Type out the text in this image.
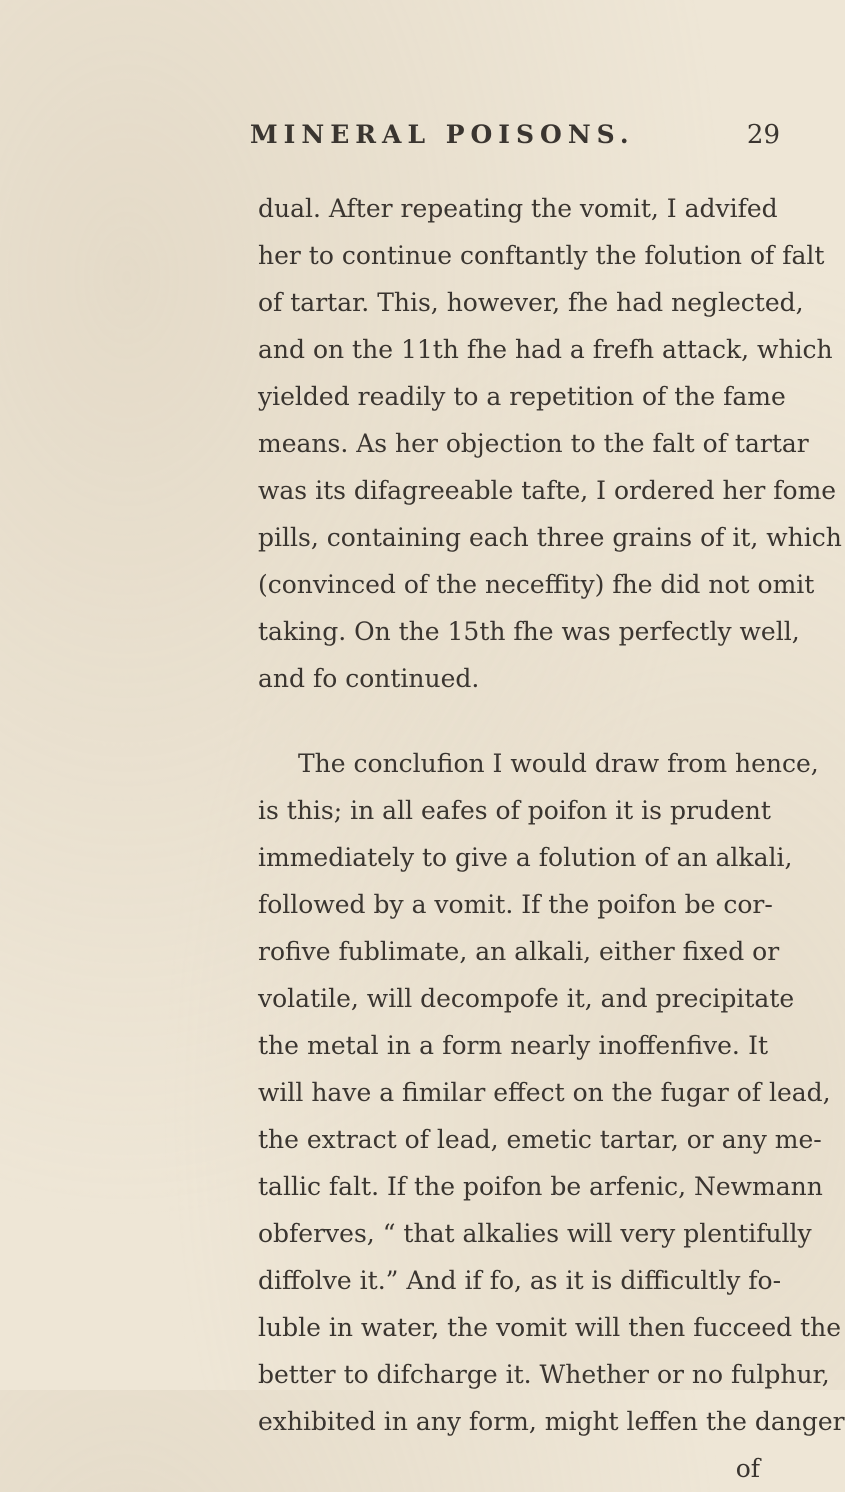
MINERAL POISONS.	29
dual. After repeating the vomit, I advifed
her to continue conftantly the folution of falt
of tartar. This, however, fhe had neglected,
and on the 11th fhe had a frefh attack, which
yielded readily to a repetition of the fame
means. As her objection to the falt of tartar
was its difagreeable tafte, I ordered her fome
pills, containing each three grains of it, which
(convinced of the neceffity) fhe did not omit
taking. On the 15th fhe was perfectly well,
and fo continued.
The conclufion I would draw from hence,
is this; in all eafes of poifon it is prudent
immediately to give a folution of an alkali,
followed by a vomit. If the poifon be cor-
rofive fublimate, an alkali, either fixed or
volatile, will decompofe it, and precipitate
the metal in a form nearly inoffenfive. It
will have a fimilar effect on the fugar of lead,
the extract of lead, emetic tartar, or any me-
tallic falt. If the poifon be arfenic, Newmann
obferves, “ that alkalies will very plentifully
diffolve it.” And if fo, as it is difficultly fo-
luble in water, the vomit will then fucceed the
better to difcharge it. Whether or no fulphur,
exhibited in any form, might leffen the danger
of
